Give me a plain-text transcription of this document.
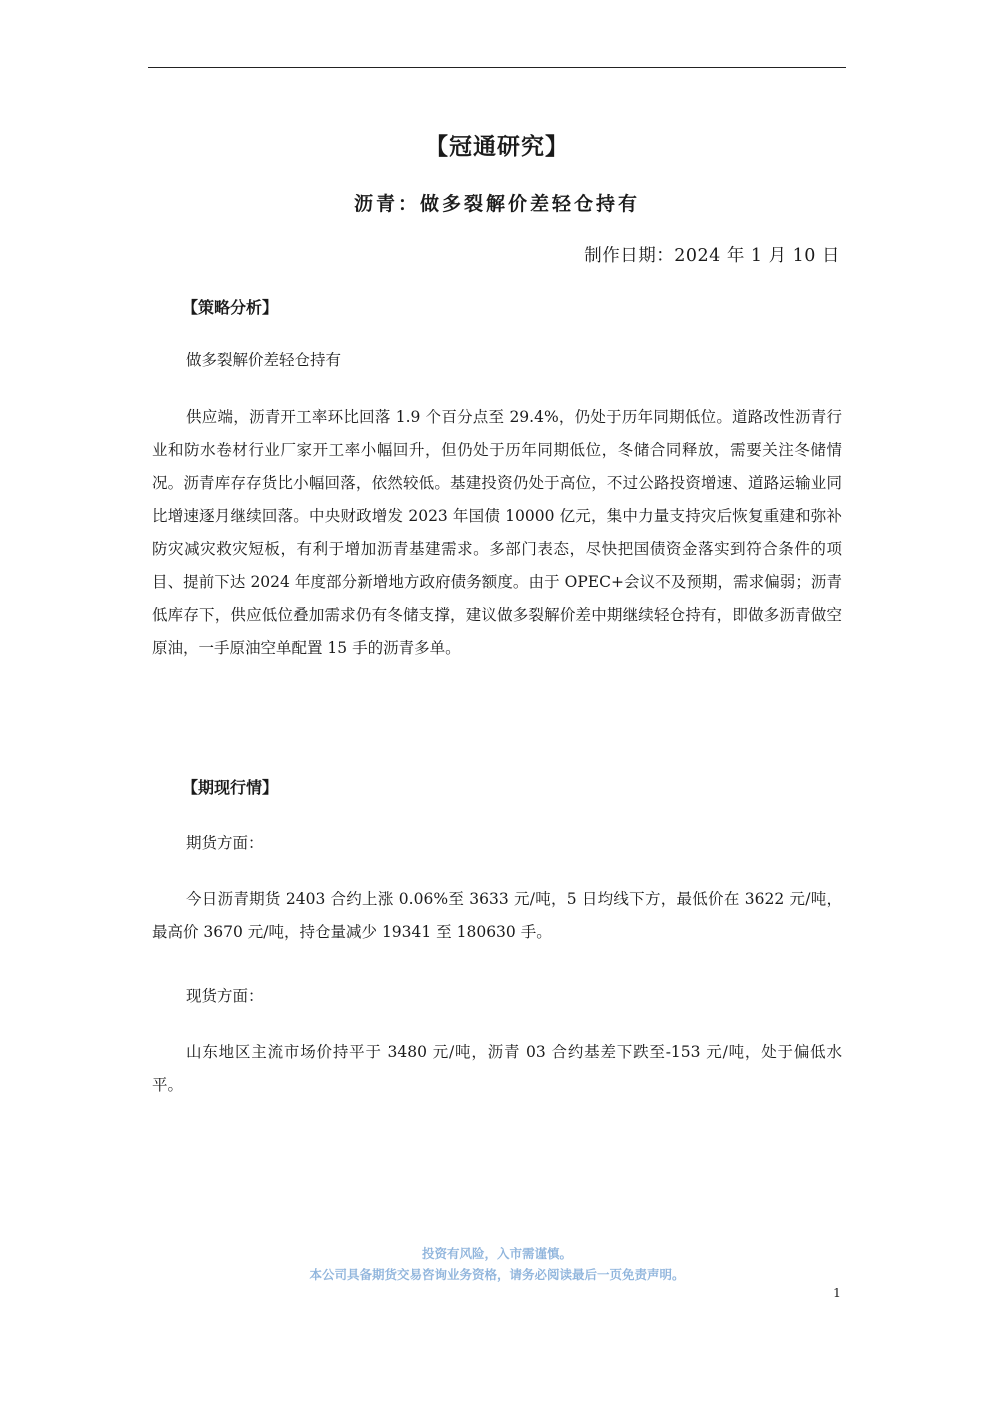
【冠通研究】
沥青：做多裂解价差轻仓持有
制作日期：2024 年 1 月 10 日
【策略分析】

做多裂解价差轻仓持有

供应端，沥青开工率环比回落 1.9 个百分点至 29.4%，仍处于历年同期低位。道路改性沥青行业和防水卷材行业厂家开工率小幅回升，但仍处于历年同期低位，冬储合同释放，需要关注冬储情况。沥青库存存货比小幅回落，依然较低。基建投资仍处于高位，不过公路投资增速、道路运输业同比增速逐月继续回落。中央财政增发 2023 年国债 10000 亿元，集中力量支持灾后恢复重建和弥补防灾减灾救灾短板，有利于增加沥青基建需求。多部门表态，尽快把国债资金落实到符合条件的项目、提前下达 2024 年度部分新增地方政府债务额度。由于 OPEC+会议不及预期，需求偏弱；沥青低库存下，供应低位叠加需求仍有冬储支撑，建议做多裂解价差中期继续轻仓持有，即做多沥青做空原油，一手原油空单配置 15 手的沥青多单。

【期现行情】

期货方面：

今日沥青期货 2403 合约上涨 0.06%至 3633 元/吨，5 日均线下方，最低价在 3622 元/吨，最高价 3670 元/吨，持仓量减少 19341 至 180630 手。

现货方面：

山东地区主流市场价持平于 3480 元/吨，沥青 03 合约基差下跌至-153 元/吨，处于偏低水平。

投资有风险，入市需谨慎。
本公司具备期货交易咨询业务资格，请务必阅读最后一页免责声明。
1
